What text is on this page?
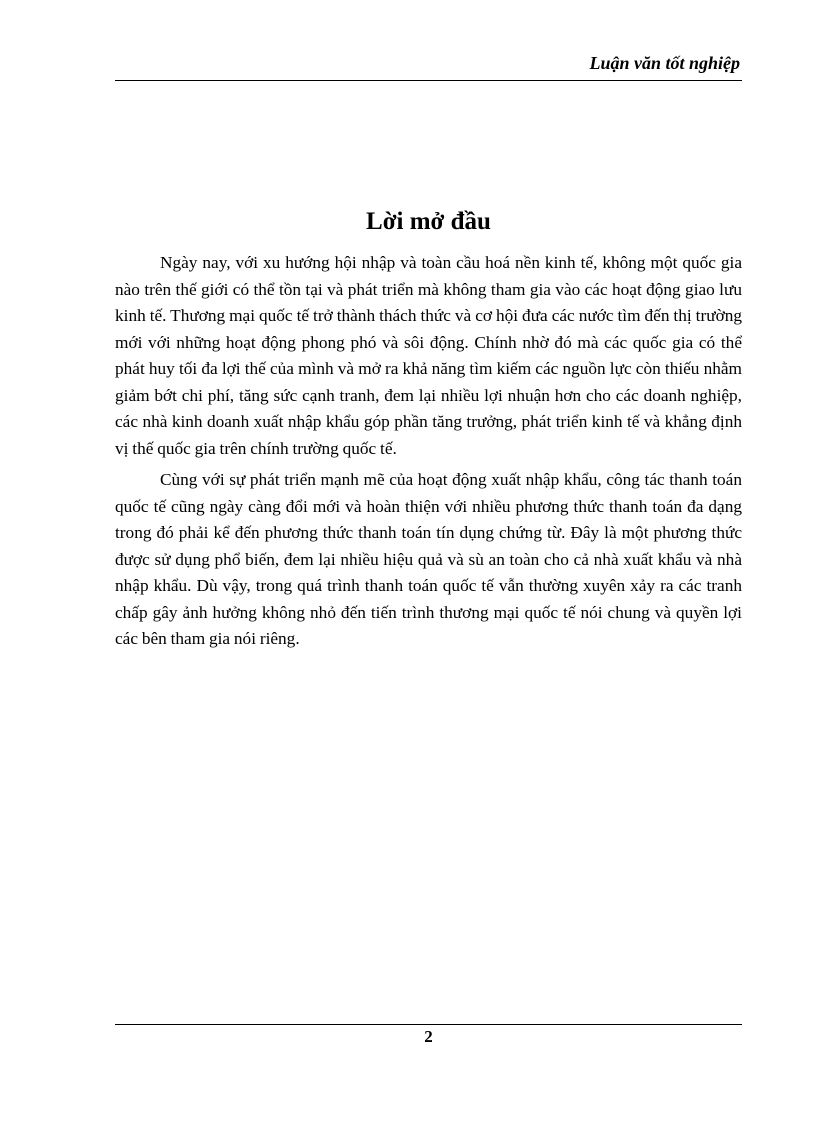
Luận văn tốt nghiệp
Lời mở đầu

Ngày nay, với xu hướng hội nhập và toàn cầu hoá nền kinh tế, không một quốc gia nào trên thế giới có thể tồn tại và phát triển mà không tham gia vào các hoạt động giao lưu kinh tế. Thương mại quốc tế trở thành thách thức và cơ hội đưa các nước tìm đến thị trường mới với những hoạt động phong phó và sôi động. Chính nhờ đó mà các quốc gia có thể phát huy tối đa lợi thế của mình và mở ra khả năng tìm kiếm các nguồn lực còn thiếu nhằm giảm bớt chi phí, tăng sức cạnh tranh, đem lại nhiều lợi nhuận hơn cho các doanh nghiệp, các nhà kinh doanh xuất nhập khẩu góp phần tăng trưởng, phát triển kinh tế và khẳng định vị thế quốc gia trên chính trường quốc tế.

Cùng với sự phát triển mạnh mẽ của hoạt động xuất nhập khẩu, công tác thanh toán quốc tế cũng ngày càng đổi mới và hoàn thiện với nhiều phương thức thanh toán đa dạng trong đó phải kể đến phương thức thanh toán tín dụng chứng từ. Đây là một phương thức được sử dụng phổ biến, đem lại nhiều hiệu quả và sù an toàn cho cả nhà xuất khẩu và nhà nhập khẩu. Dù vậy, trong quá trình thanh toán quốc tế vẫn thường xuyên xảy ra các tranh chấp gây ảnh hưởng không nhỏ đến tiến trình thương mại quốc tế nói chung và quyền lợi các bên tham gia nói riêng.

2
